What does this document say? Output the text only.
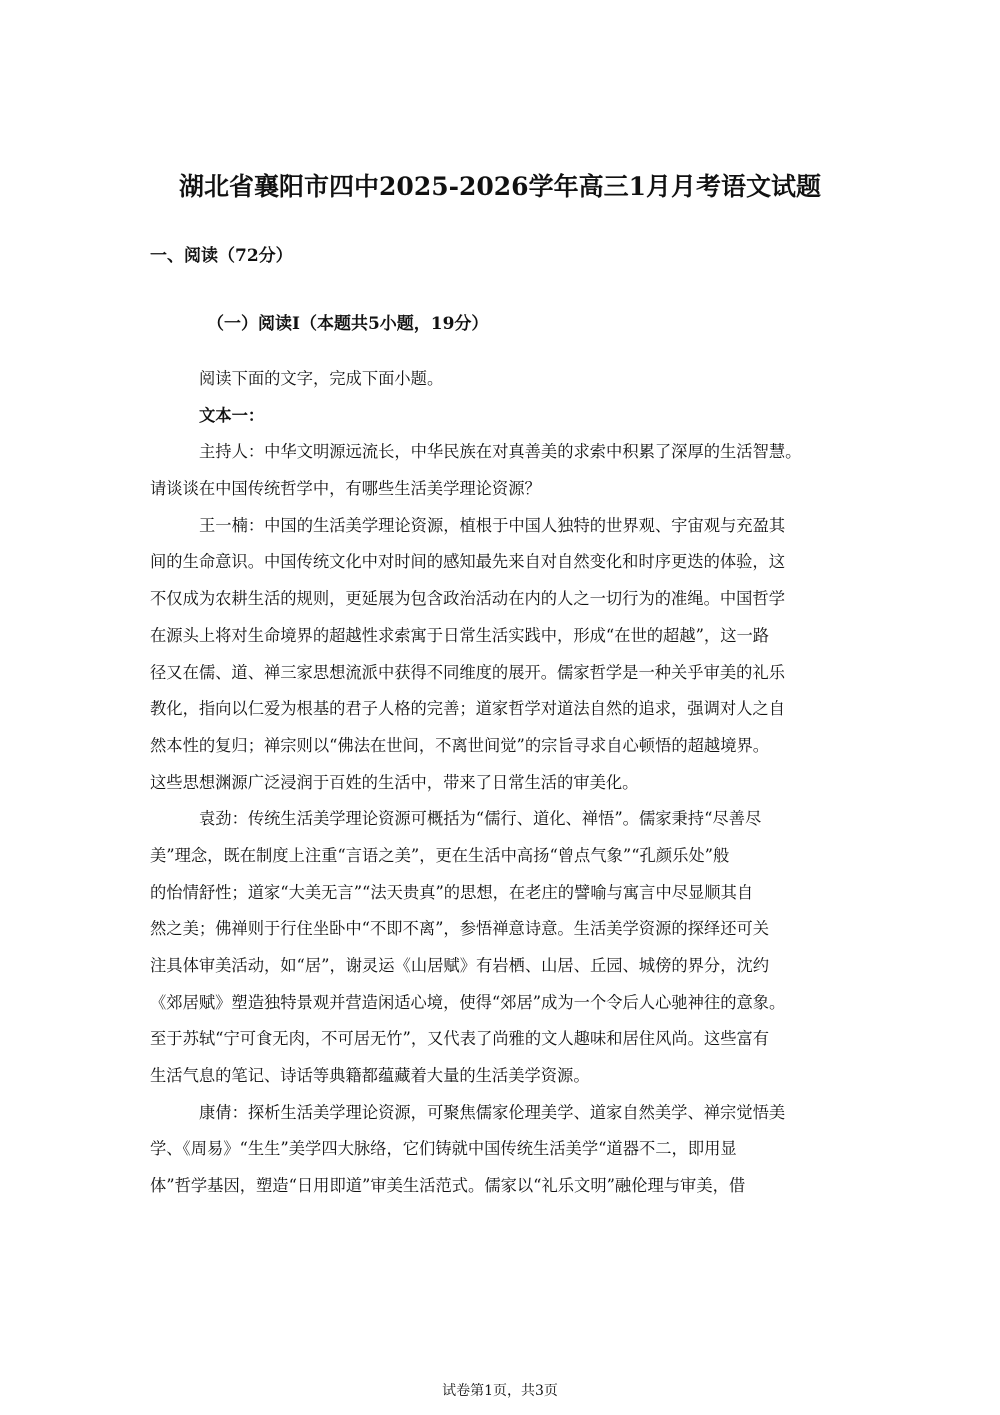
湖北省襄阳市四中2025-2026学年高三1月月考语文试题
一、阅读（72分）
（一）阅读Ⅰ（本题共5小题，19分）
阅读下面的文字，完成下面小题。
文本一：
主持人：中华文明源远流长，中华民族在对真善美的求索中积累了深厚的生活智慧。
请谈谈在中国传统哲学中，有哪些生活美学理论资源？
王一楠：中国的生活美学理论资源，植根于中国人独特的世界观、宇宙观与充盈其
间的生命意识。中国传统文化中对时间的感知最先来自对自然变化和时序更迭的体验，这
不仅成为农耕生活的规则，更延展为包含政治活动在内的人之一切行为的准绳。中国哲学
在源头上将对生命境界的超越性求索寓于日常生活实践中，形成“在世的超越”，这一路
径又在儒、道、禅三家思想流派中获得不同维度的展开。儒家哲学是一种关乎审美的礼乐
教化，指向以仁爱为根基的君子人格的完善；道家哲学对道法自然的追求，强调对人之自
然本性的复归；禅宗则以“佛法在世间，不离世间觉”的宗旨寻求自心顿悟的超越境界。
这些思想渊源广泛浸润于百姓的生活中，带来了日常生活的审美化。
袁劲：传统生活美学理论资源可概括为“儒行、道化、禅悟”。儒家秉持“尽善尽
美”理念，既在制度上注重“言语之美”，更在生活中高扬“曾点气象”“孔颜乐处”般
的怡情舒性；道家“大美无言”“法天贵真”的思想，在老庄的譬喻与寓言中尽显顺其自
然之美；佛禅则于行住坐卧中“不即不离”，参悟禅意诗意。生活美学资源的探绎还可关
注具体审美活动，如“居”，谢灵运《山居赋》有岩栖、山居、丘园、城傍的界分，沈约
《郊居赋》塑造独特景观并营造闲适心境，使得“郊居”成为一个令后人心驰神往的意象。
至于苏轼“宁可食无肉，不可居无竹”，又代表了尚雅的文人趣味和居住风尚。这些富有
生活气息的笔记、诗话等典籍都蕴藏着大量的生活美学资源。
康倩：探析生活美学理论资源，可聚焦儒家伦理美学、道家自然美学、禅宗觉悟美
学、《周易》“生生”美学四大脉络，它们铸就中国传统生活美学“道器不二，即用显
体”哲学基因，塑造“日用即道”审美生活范式。儒家以“礼乐文明”融伦理与审美，借
试卷第1页，共3页
